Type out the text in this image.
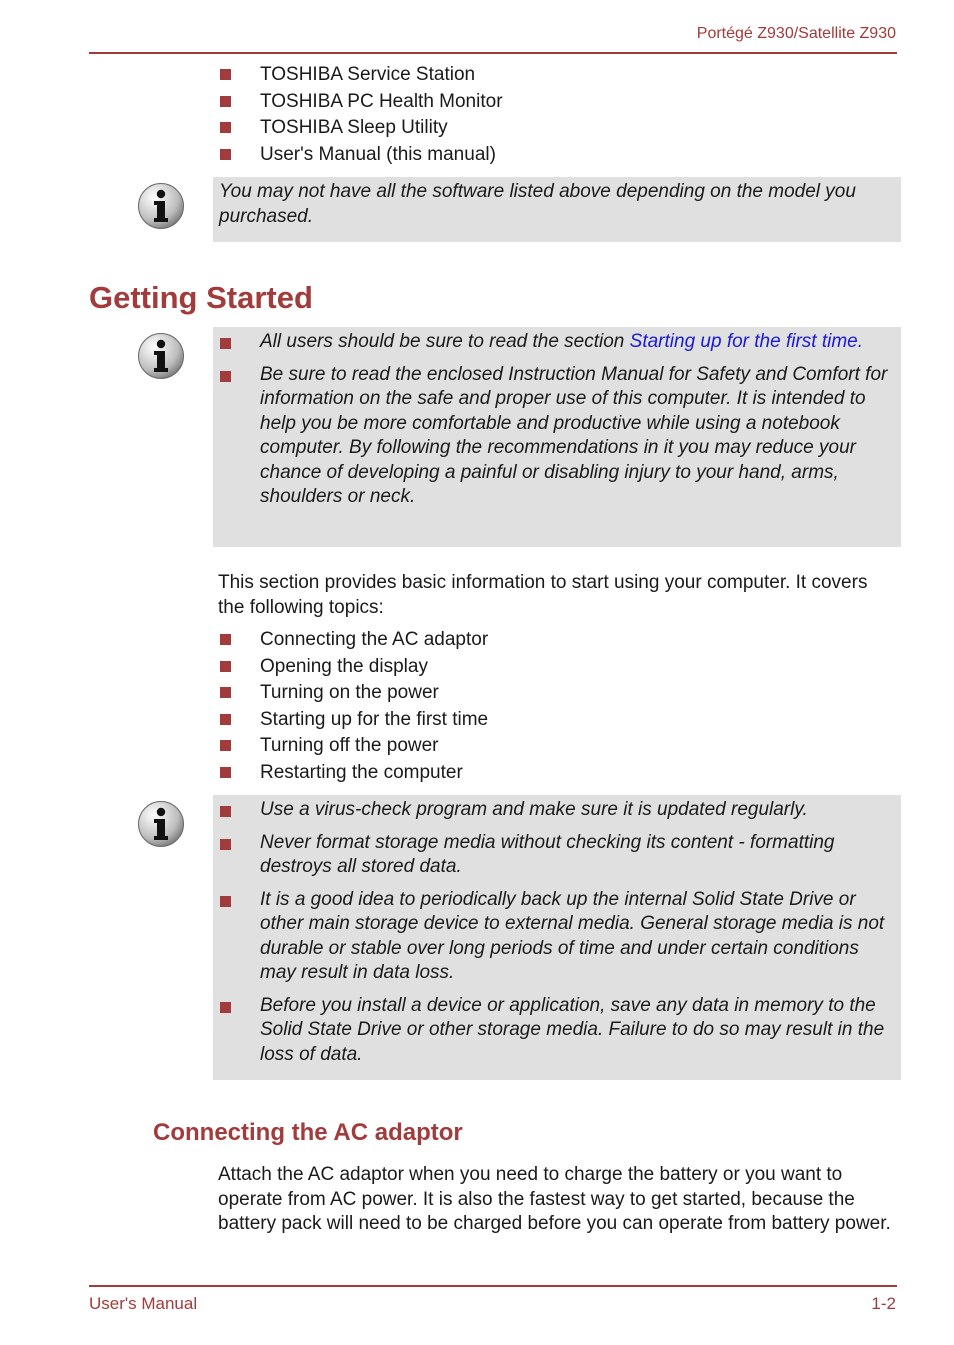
Portégé Z930/Satellite Z930
TOSHIBA Service Station
TOSHIBA PC Health Monitor
TOSHIBA Sleep Utility
User's Manual (this manual)
You may not have all the software listed above depending on the model you purchased.
Getting Started
All users should be sure to read the section Starting up for the first time.
Be sure to read the enclosed Instruction Manual for Safety and Comfort for information on the safe and proper use of this computer. It is intended to help you be more comfortable and productive while using a notebook computer. By following the recommendations in it you may reduce your chance of developing a painful or disabling injury to your hand, arms, shoulders or neck.
This section provides basic information to start using your computer. It covers the following topics:
Connecting the AC adaptor
Opening the display
Turning on the power
Starting up for the first time
Turning off the power
Restarting the computer
Use a virus-check program and make sure it is updated regularly.
Never format storage media without checking its content - formatting destroys all stored data.
It is a good idea to periodically back up the internal Solid State Drive or other main storage device to external media. General storage media is not durable or stable over long periods of time and under certain conditions may result in data loss.
Before you install a device or application, save any data in memory to the Solid State Drive or other storage media. Failure to do so may result in the loss of data.
Connecting the AC adaptor
Attach the AC adaptor when you need to charge the battery or you want to operate from AC power. It is also the fastest way to get started, because the battery pack will need to be charged before you can operate from battery power.
User's Manual	1-2
